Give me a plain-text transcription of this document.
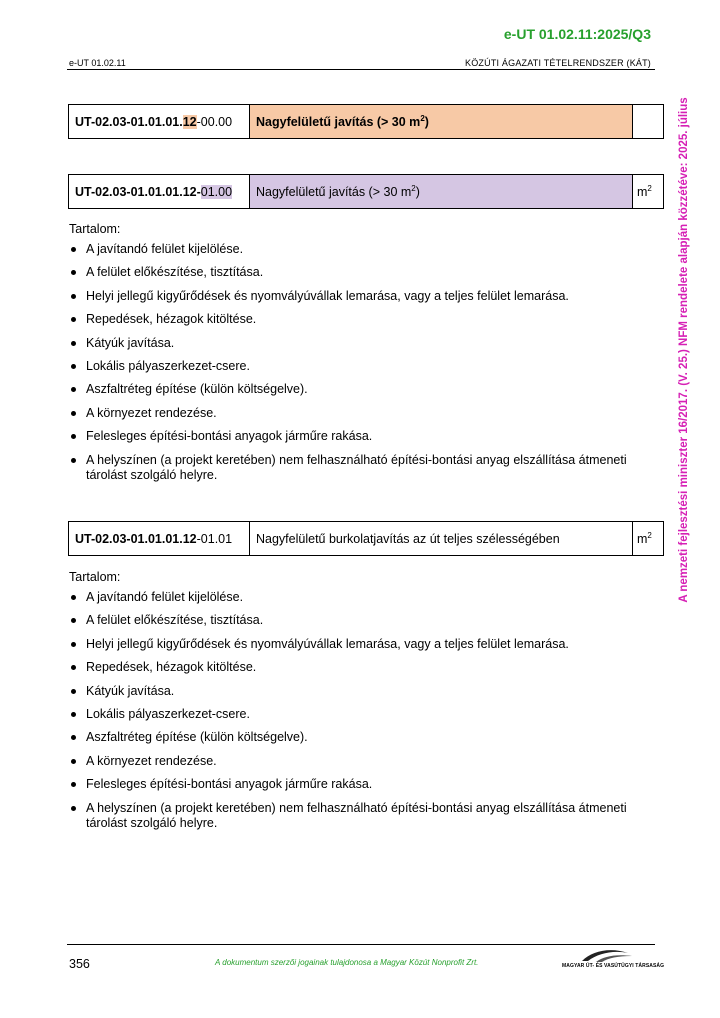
e-UT 01.02.11:2025/Q3
e-UT 01.02.11	KÖZÚTI ÁGAZATI TÉTELRENDSZER (KÁT)
A nemzeti fejlesztési miniszter 16/2017. (V. 25.) NFM rendelete alapján közzétéve: 2025. július
UT-02.03-01.01.01.12-00.00	Nagyfelületű javítás (> 30 $m^2$)	
UT-02.03-01.01.01.12-01.00	Nagyfelületű javítás (> 30 $m^2$)	$m^2$
Tartalom:
A javítandó felület kijelölése.
A felület előkészítése, tisztítása.
Helyi jellegű kigyűrődések és nyomvályúvállak lemarása, vagy a teljes felület lemarása.
Repedések, hézagok kitöltése.
Kátyúk javítása.
Lokális pályaszerkezet-csere.
Aszfaltréteg építése (külön költségelve).
A környezet rendezése.
Felesleges építési-bontási anyagok járműre rakása.
A helyszínen (a projekt keretében) nem felhasználható építési-bontási anyag elszállítása átmeneti tárolást szolgáló helyre.
UT-02.03-01.01.01.12-01.01	Nagyfelületű burkolatjavítás az út teljes szélességében	$m^2$
Tartalom:
A javítandó felület kijelölése.
A felület előkészítése, tisztítása.
Helyi jellegű kigyűrődések és nyomvályúvállak lemarása, vagy a teljes felület lemarása.
Repedések, hézagok kitöltése.
Kátyúk javítása.
Lokális pályaszerkezet-csere.
Aszfaltréteg építése (külön költségelve).
A környezet rendezése.
Felesleges építési-bontási anyagok járműre rakása.
A helyszínen (a projekt keretében) nem felhasználható építési-bontási anyag elszállítása átmeneti tárolást szolgáló helyre.
356	A dokumentum szerzői jogainak tulajdonosa a Magyar Közút Nonprofit Zrt.	MAGYAR ÚT- ÉS VASÚTÜGYI TÁRSASÁG
